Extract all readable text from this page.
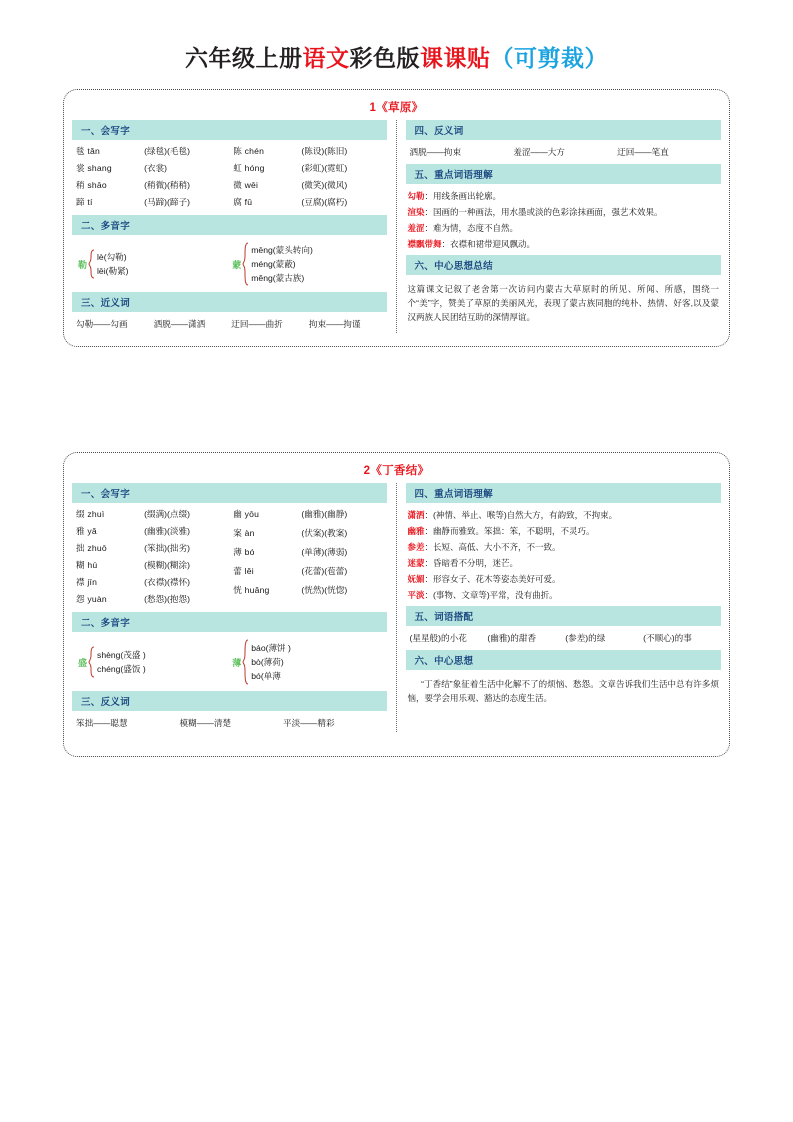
六年级上册语文彩色版课课贴（可剪裁）
1《草原》
一、会写字
毯 tǎn	(绿毯)(毛毯)
裳 shang	(衣裳)
稍 shāo	(稍微)(稍稍)
蹄 tí	(马蹄)(蹄子)
陈 chén	(陈设)(陈旧)
虹 hóng	(彩虹)(霓虹)
微 wēi	(微笑)(微风)
腐 fǔ	(豆腐)(腐朽)
二、多音字
勒
lè(勾勒)
lēi(勒紧)
蒙
mēng(蒙头转向)
méng(蒙蔽)
měng(蒙古族)
三、近义词
勾勒——勾画	洒脱——潇洒	迂回——曲折	拘束——拘谨
四、反义词
洒脱——拘束	羞涩——大方	迂回——笔直
五、重点词语理解
勾勒：用线条画出轮廓。
渲染：国画的一种画法，用水墨或淡的色彩涂抹画面，强艺术效果。
羞涩：难为情，态度不自然。
襟飘带舞：衣襟和裙带迎风飘动。
六、中心思想总结
这篇课文记叙了老舍第一次访问内蒙古大草原时的所见、所闻、所感，围绕一个“美”字，赞美了草原的美丽风光，表现了蒙古族同胞的纯朴、热情、好客,以及蒙汉两族人民团结互助的深情厚谊。
2《丁香结》
一、会写字
缀 zhuì	(缀满)(点缀)
雅 yǎ	(幽雅)(淡雅)
拙 zhuō	(笨拙)(拙劣)
糊 hú	(模糊)(糊涂)
襟 jīn	(衣襟)(襟怀)
怨 yuàn	(愁怨)(抱怨)
幽 yōu	(幽雅)(幽静)
案 àn	(伏案)(教案)
薄 bó	(单薄)(薄弱)
蕾 lěi	(花蕾)(苞蕾)
恍 huǎng	(恍然)(恍惚)
二、多音字
盛
shèng(茂盛 )
chéng(盛饭 )
薄
báo(薄饼 )
bò(薄荷)
bó(单薄
三、反义词
笨拙——聪慧	模糊——清楚	平淡——精彩
四、重点词语理解
潇洒：(神情、举止、喉等)自然大方，有韵致，不拘束。
幽雅：幽静而雅致。笨拙：笨，不聪明，不灵巧。
参差：长短、高低、大小不齐，不一致。
迷蒙：昏暗看不分明，迷芒。
妩媚：形容女子、花木等姿态美好可爱。
平淡：(事物、文章等)平常，没有曲折。
五、词语搭配
(星星般)的小花	(幽雅)的甜香	(参差)的绿	(不顺心)的事
六、中心思想
“丁香结”象征着生活中化解不了的烦恼、愁怨。文章告诉我们生活中总有许多烦恼，要学会用乐观、豁达的态度生活。
